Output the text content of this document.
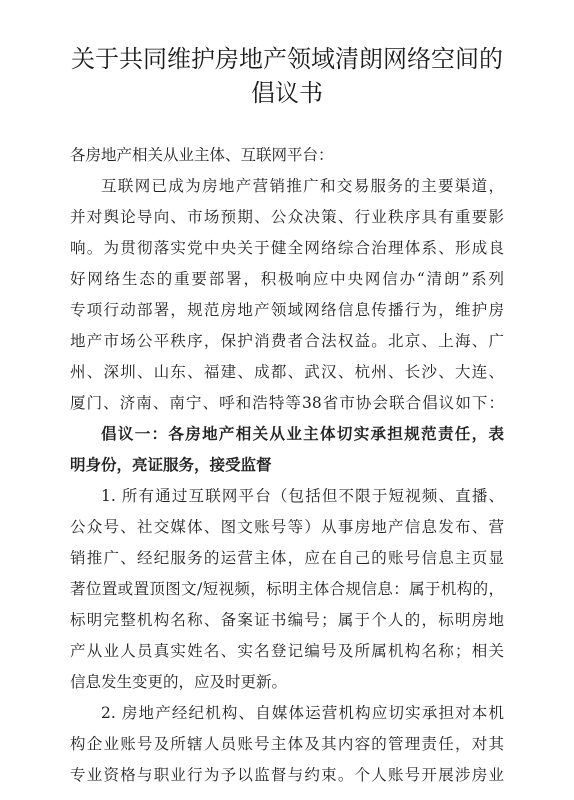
关于共同维护房地产领域清朗网络空间的
倡议书
各房地产相关从业主体、互联网平台：
互联网已成为房地产营销推广和交易服务的主要渠道，
并对舆论导向、市场预期、公众决策、行业秩序具有重要影
响。为贯彻落实党中央关于健全网络综合治理体系、形成良
好网络生态的重要部署，积极响应中央网信办“清朗”系列
专项行动部署，规范房地产领域网络信息传播行为，维护房
地产市场公平秩序，保护消费者合法权益。北京、上海、广
州、深圳、山东、福建、成都、武汉、杭州、长沙、大连、
厦门、济南、南宁、呼和浩特等38省市协会联合倡议如下：
倡议一：各房地产相关从业主体切实承担规范责任，表
明身份，亮证服务，接受监督
1. 所有通过互联网平台（包括但不限于短视频、直播、
公众号、社交媒体、图文账号等）从事房地产信息发布、营
销推广、经纪服务的运营主体，应在自己的账号信息主页显
著位置或置顶图文/短视频，标明主体合规信息：属于机构的，
标明完整机构名称、备案证书编号；属于个人的，标明房地
产从业人员真实姓名、实名登记编号及所属机构名称；相关
信息发生变更的，应及时更新。
2. 房地产经纪机构、自媒体运营机构应切实承担对本机
构企业账号及所辖人员账号主体及其内容的管理责任，对其
专业资格与职业行为予以监督与约束。个人账号开展涉房业
